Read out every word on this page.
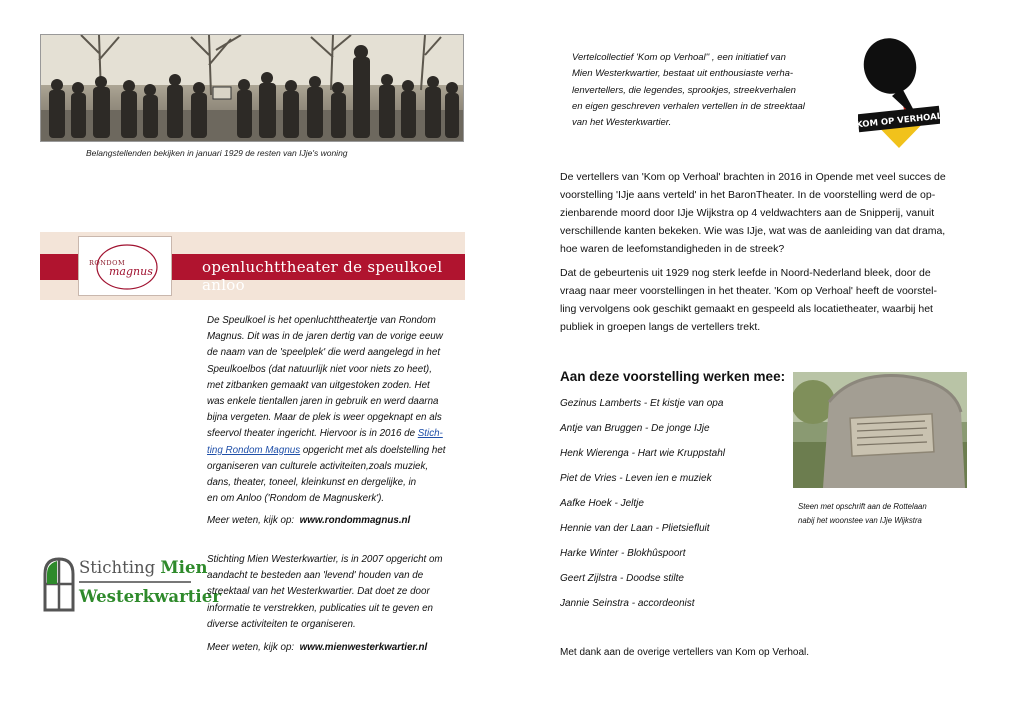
Belangstellenden bekijken in januari 1929 de resten van IJje's woning
RONDOM
magnus	openluchttheater de speulkoel anloo
De Speulkoel is het openluchttheatertje van Rondom
Magnus. Dit was in de jaren dertig van de vorige eeuw
de naam van de 'speelplek' die werd aangelegd in het
Speulkoelbos (dat natuurlijk niet voor niets zo heet),
met zitbanken gemaakt van uitgestoken zoden. Het
was enkele tientallen jaren in gebruik en werd daarna
bijna vergeten. Maar de plek is weer opgeknapt en als
sfeervol theater ingericht. Hiervoor is in 2016 de Stich-
ting Rondom Magnus opgericht met als doelstelling het
organiseren van culturele activiteiten,zoals muziek,
dans, theater, toneel, kleinkunst en dergelijke, in
en om Anloo ('Rondom de Magnuskerk').
Meer weten, kijk op: www.rondommagnus.nl
Stichting Mien
Westerkwartier
Stichting Mien Westerkwartier, is in 2007 opgericht om
aandacht te besteden aan 'levend' houden van de
streektaal van het Westerkwartier. Dat doet ze door
informatie te verstrekken, publicaties uit te geven en
diverse activiteiten te organiseren.
Meer weten, kijk op: www.mienwesterkwartier.nl
Vertelcollectief 'Kom op Verhoal'' , een initiatief van
Mien Westerkwartier, bestaat uit enthousiaste verha-
lenvertellers, die legendes, sprookjes, streekverhalen
en eigen geschreven verhalen vertellen in de streektaal
van het Westerkwartier.	KOM OP VERHOAL
De vertellers van 'Kom op Verhoal' brachten in 2016 in Opende met veel succes de
voorstelling 'IJje aans verteld' in het BaronTheater. In de voorstelling werd de op-
zienbarende moord door IJje Wijkstra op 4 veldwachters aan de Snipperij, vanuit
verschillende kanten bekeken. Wie was IJje, wat was de aanleiding van dat drama,
hoe waren de leefomstandigheden in de streek?
Dat de gebeurtenis uit 1929 nog sterk leefde in Noord-Nederland bleek, door de
vraag naar meer voorstellingen in het theater. 'Kom op Verhoal' heeft de voorstel-
ling vervolgens ook geschikt gemaakt en gespeeld als locatietheater, waarbij het
publiek in groepen langs de vertellers trekt.
Aan deze voorstelling werken mee:
Gezinus Lamberts - Et kistje van opa
Antje van Bruggen - De jonge IJje
Henk Wierenga - Hart wie Kruppstahl
Piet de Vries - Leven ien e muziek
Aafke Hoek - Jeltje
Hennie van der Laan - Plietsiefluit
Harke Winter - Blokhûspoort
Geert Zijlstra - Doodse stilte
Jannie Seinstra - accordeonist
Steen met opschrift aan de Rottelaan
nabij het woonstee van IJje Wijkstra
Met dank aan de overige vertellers van Kom op Verhoal.
